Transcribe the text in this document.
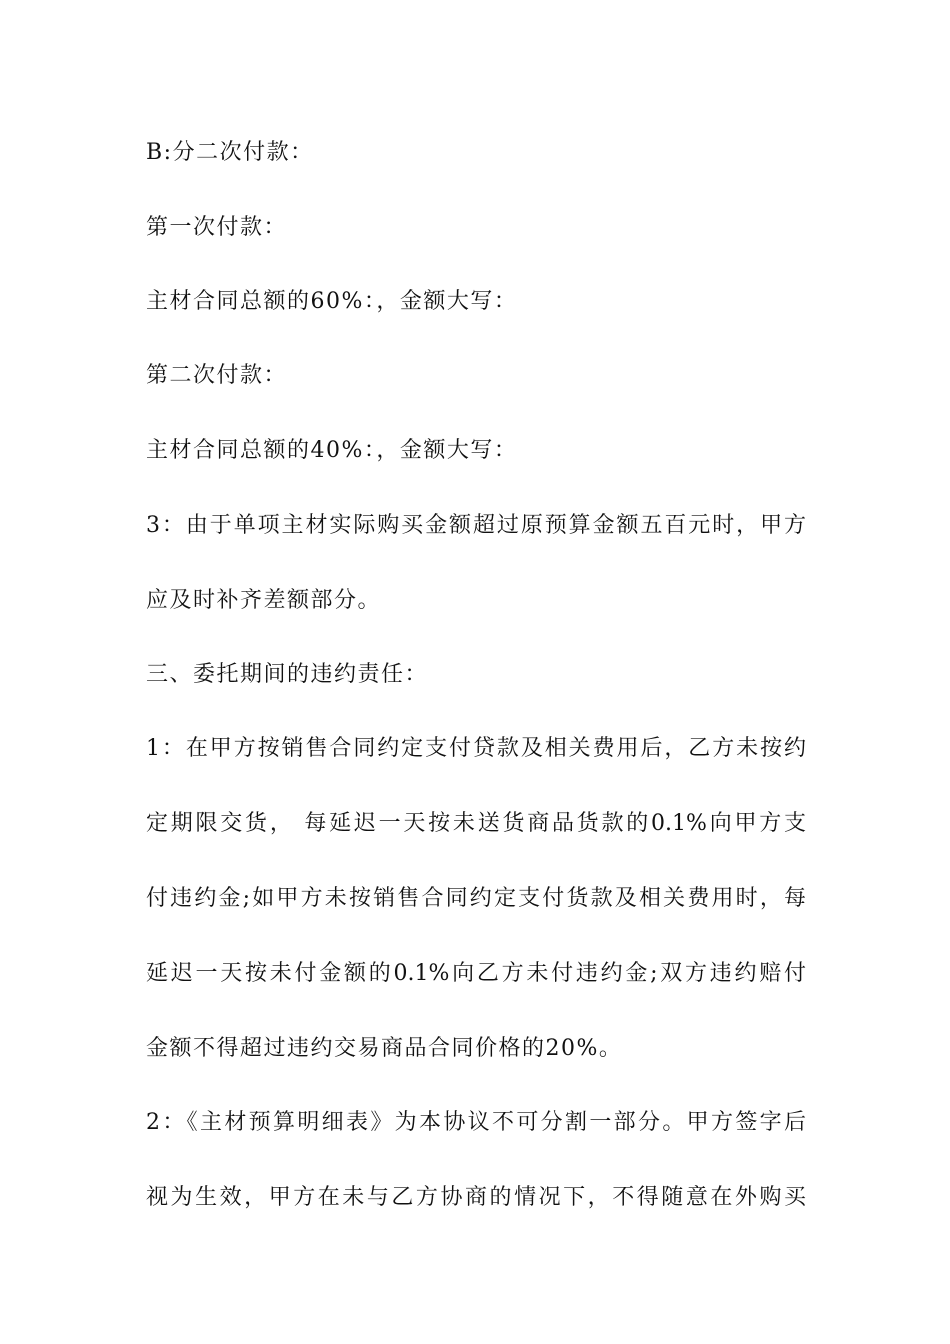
B:分二次付款：
第一次付款：
主材合同总额的60%：，金额大写：
第二次付款：
主材合同总额的40%：，金额大写：
3：由于单项主材实际购买金额超过原预算金额五百元时，甲方
应及时补齐差额部分。
三、委托期间的违约责任：
1：在甲方按销售合同约定支付贷款及相关费用后，乙方未按约
定期限交货， 每延迟一天按未送货商品货款的0.1%向甲方支
付违约金;如甲方未按销售合同约定支付货款及相关费用时，每
延迟一天按未付金额的0.1%向乙方未付违约金;双方违约赔付
金额不得超过违约交易商品合同价格的20%。
2：《主材预算明细表》为本协议不可分割一部分。甲方签字后
视为生效，甲方在未与乙方协商的情况下，不得随意在外购买
